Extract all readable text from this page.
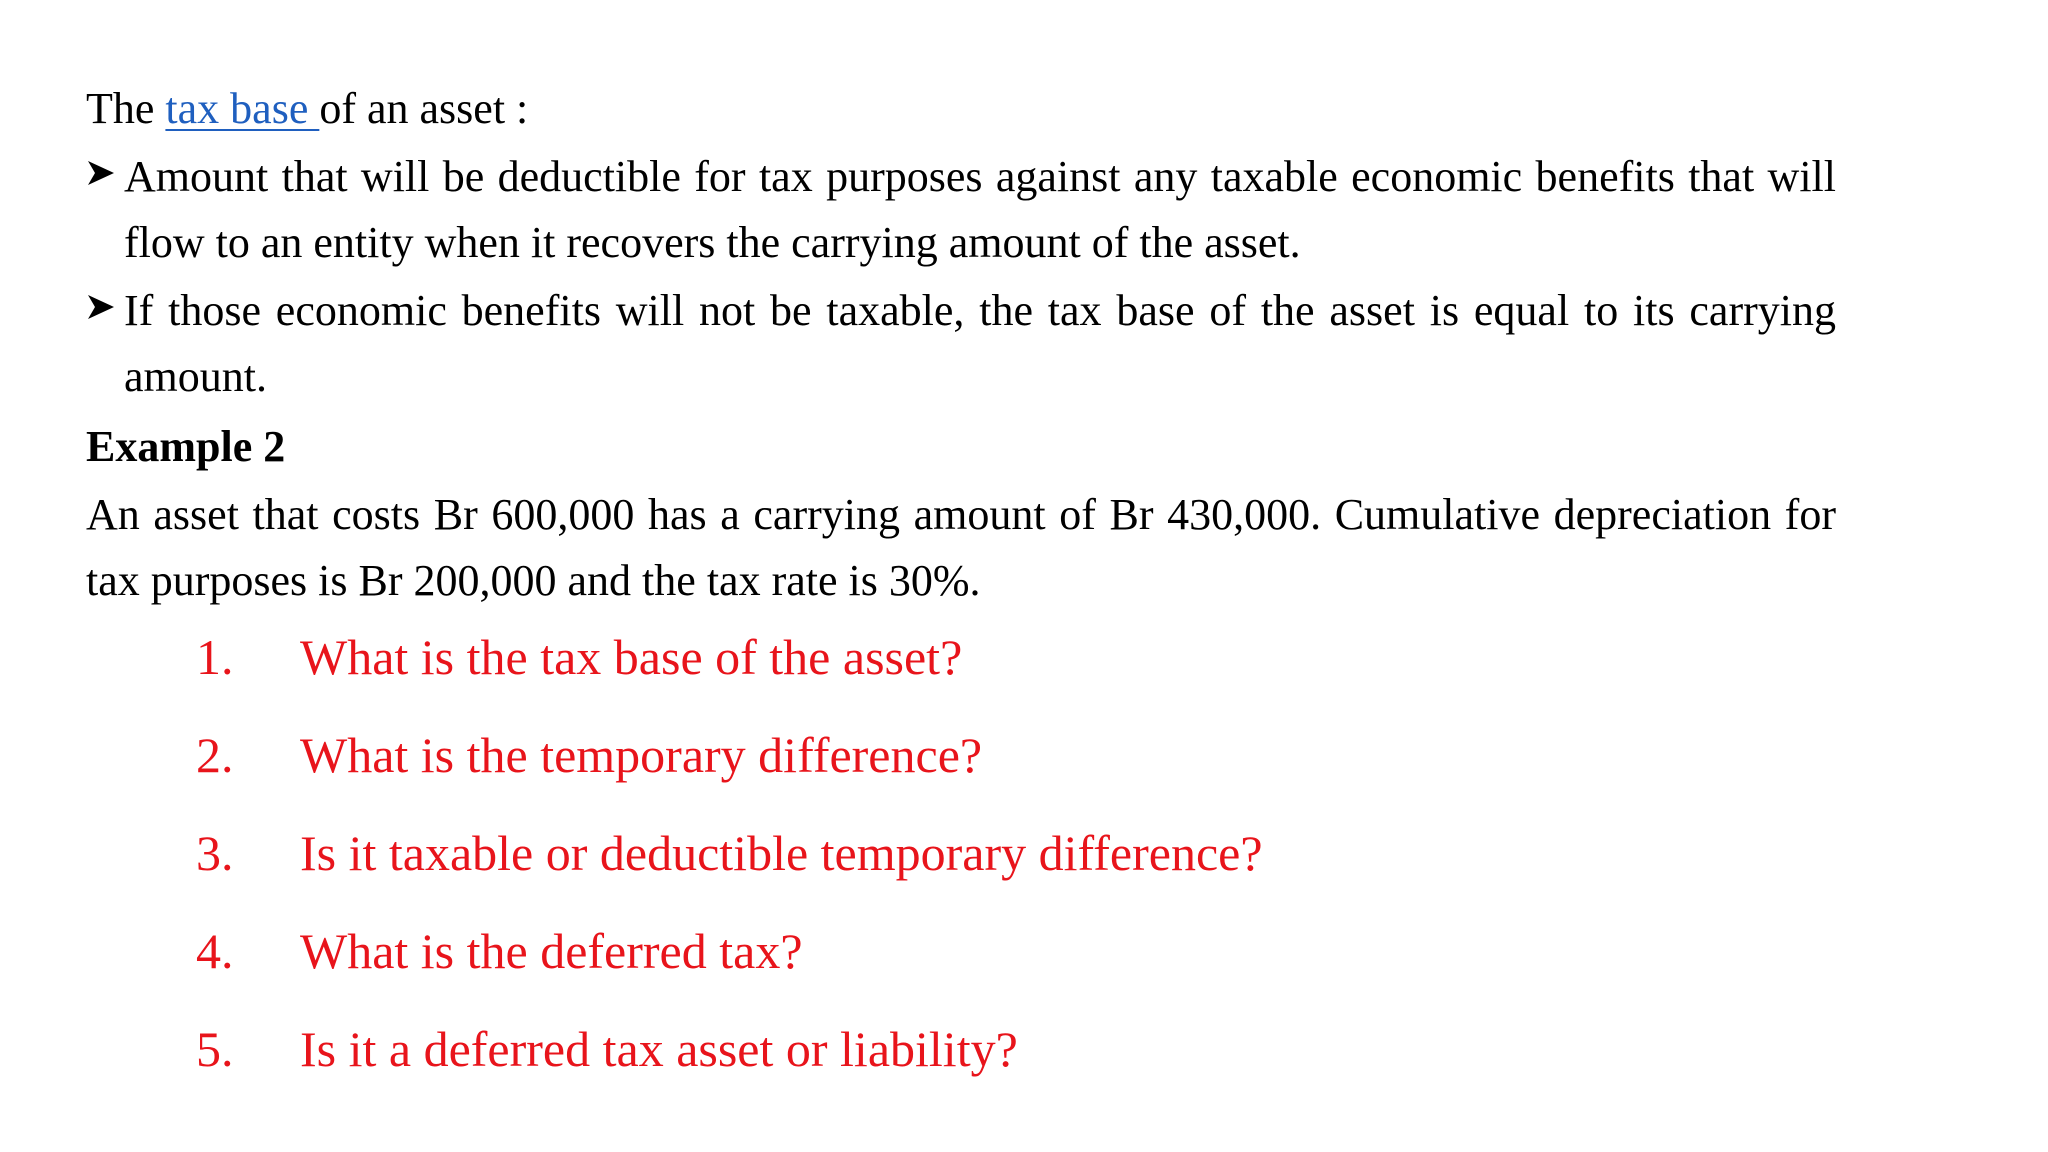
The tax base of an asset :
Amount that will be deductible for tax purposes against any taxable economic benefits that will flow to an entity when it recovers the carrying amount of the asset.
If those economic benefits will not be taxable, the tax base of the asset is equal to its carrying amount.
Example 2
An asset that costs Br 600,000 has a carrying amount of Br 430,000. Cumulative depreciation for tax purposes is Br 200,000 and the tax rate is 30%.
1. What is the tax base of the asset?
2. What is the temporary difference?
3. Is it taxable or deductible temporary difference?
4. What is the deferred tax?
5. Is it a deferred tax asset or liability?
